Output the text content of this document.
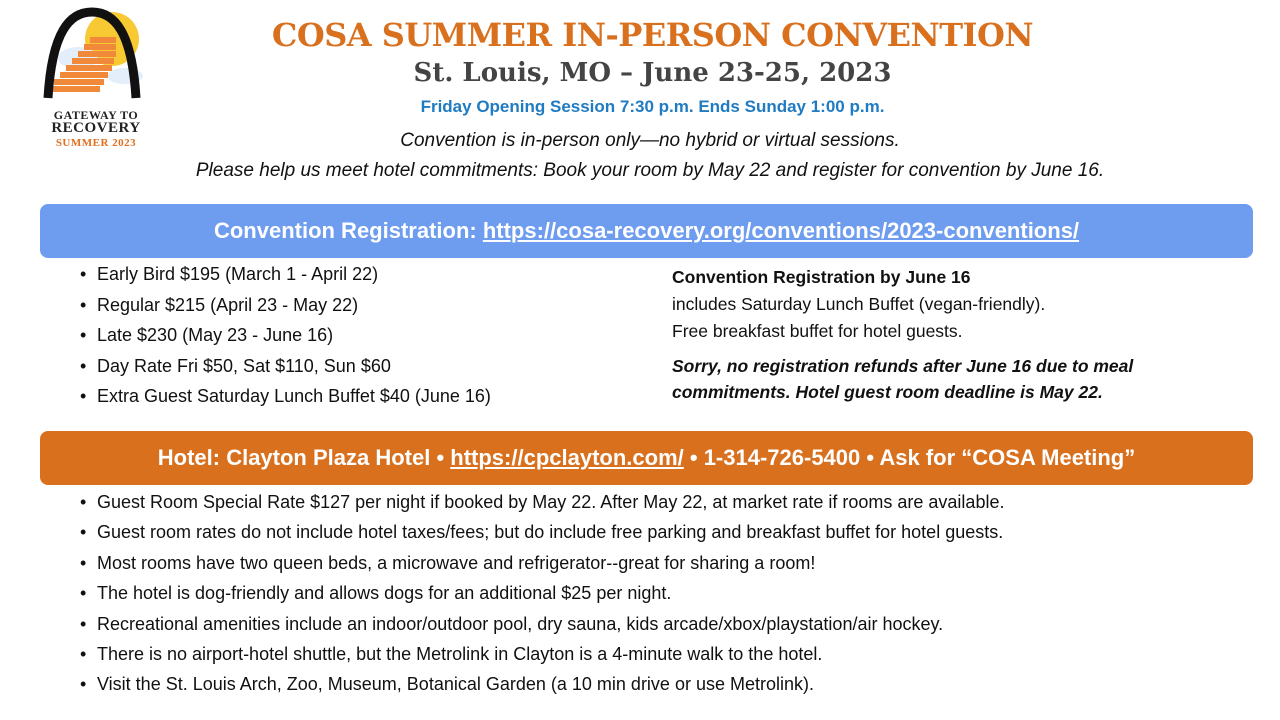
GATEWAY TO
RECOVERY
SUMMER 2023
COSA SUMMER IN-PERSON CONVENTION
St. Louis, MO – June 23-25, 2023
Friday Opening Session 7:30 p.m. Ends Sunday 1:00 p.m.
Convention is in-person only—no hybrid or virtual sessions.
Please help us meet hotel commitments: Book your room by May 22 and register for convention by June 16.
Convention Registration: https://cosa-recovery.org/conventions/2023-conventions/
• Early Bird $195 (March 1 - April 22)
• Regular $215 (April 23 - May 22)
• Late $230 (May 23 - June 16)
• Day Rate Fri $50, Sat $110, Sun $60
• Extra Guest Saturday Lunch Buffet $40 (June 16)
Convention Registration by June 16
includes Saturday Lunch Buffet (vegan-friendly).
Free breakfast buffet for hotel guests.
Sorry, no registration refunds after June 16 due to meal commitments. Hotel guest room deadline is May 22.
Hotel: Clayton Plaza Hotel • https://cpclayton.com/ • 1-314-726-5400 • Ask for “COSA Meeting”
• Guest Room Special Rate $127 per night if booked by May 22. After May 22, at market rate if rooms are available.
• Guest room rates do not include hotel taxes/fees; but do include free parking and breakfast buffet for hotel guests.
• Most rooms have two queen beds, a microwave and refrigerator--great for sharing a room!
• The hotel is dog-friendly and allows dogs for an additional $25 per night.
• Recreational amenities include an indoor/outdoor pool, dry sauna, kids arcade/xbox/playstation/air hockey.
• There is no airport-hotel shuttle, but the Metrolink in Clayton is a 4-minute walk to the hotel.
• Visit the St. Louis Arch, Zoo, Museum, Botanical Garden (a 10 min drive or use Metrolink).
